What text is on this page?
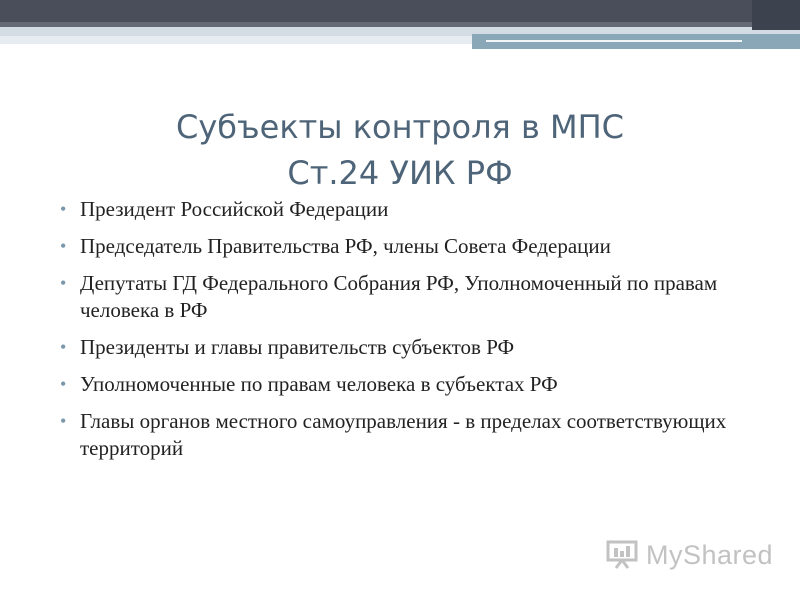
Субъекты контроля в МПС
Ст.24 УИК РФ
• Президент Российской Федерации
• Председатель Правительства РФ, члены Совета Федерации
• Депутаты ГД Федерального Собрания РФ, Уполномоченный по правам человека в РФ
• Президенты и главы правительств субъектов РФ
• Уполномоченные по правам человека в субъектах РФ
• Главы органов местного самоуправления - в пределах соответствующих территорий
MyShared
